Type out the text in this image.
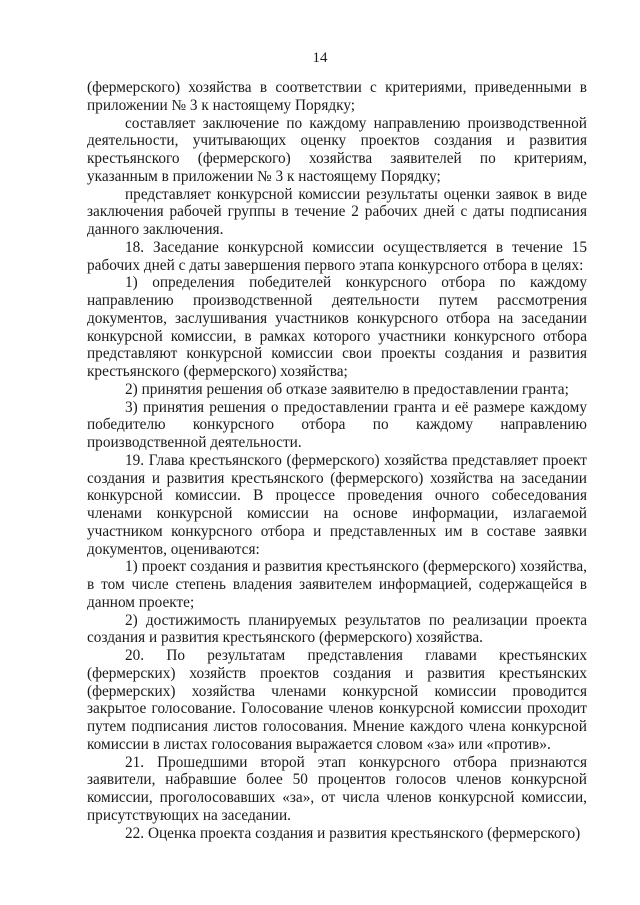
14

(фермерского) хозяйства в соответствии с критериями, приведенными в приложении № 3 к настоящему Порядку;

составляет заключение по каждому направлению производственной деятельности, учитывающих оценку проектов создания и развития крестьянского (фермерского) хозяйства заявителей по критериям, указанным в приложении № 3 к настоящему Порядку;

представляет конкурсной комиссии результаты оценки заявок в виде заключения рабочей группы в течение 2 рабочих дней с даты подписания данного заключения.

18. Заседание конкурсной комиссии осуществляется в течение 15 рабочих дней с даты завершения первого этапа конкурсного отбора в целях:

1) определения победителей конкурсного отбора по каждому направлению производственной деятельности путем рассмотрения документов, заслушивания участников конкурсного отбора на заседании конкурсной комиссии, в рамках которого участники конкурсного отбора представляют конкурсной комиссии свои проекты создания и развития крестьянского (фермерского) хозяйства;

2) принятия решения об отказе заявителю в предоставлении гранта;

3) принятия решения о предоставлении гранта и её размере каждому победителю конкурсного отбора по каждому направлению производственной деятельности.

19. Глава крестьянского (фермерского) хозяйства представляет проект создания и развития крестьянского (фермерского) хозяйства на заседании конкурсной комиссии. В процессе проведения очного собеседования членами конкурсной комиссии на основе информации, излагаемой участником конкурсного отбора и представленных им в составе заявки документов, оцениваются:

1) проект создания и развития крестьянского (фермерского) хозяйства, в том числе степень владения заявителем информацией, содержащейся в данном проекте;

2) достижимость планируемых результатов по реализации проекта создания и развития крестьянского (фермерского) хозяйства.

20. По результатам представления главами крестьянских (фермерских) хозяйств проектов создания и развития крестьянских (фермерских) хозяйства членами конкурсной комиссии проводится закрытое голосование. Голосование членов конкурсной комиссии проходит путем подписания листов голосования. Мнение каждого члена конкурсной комиссии в листах голосования выражается словом «за» или «против».

21. Прошедшими второй этап конкурсного отбора признаются заявители, набравшие более 50 процентов голосов членов конкурсной комиссии, проголосовавших «за», от числа членов конкурсной комиссии, присутствующих на заседании.

22. Оценка проекта создания и развития крестьянского (фермерского)
